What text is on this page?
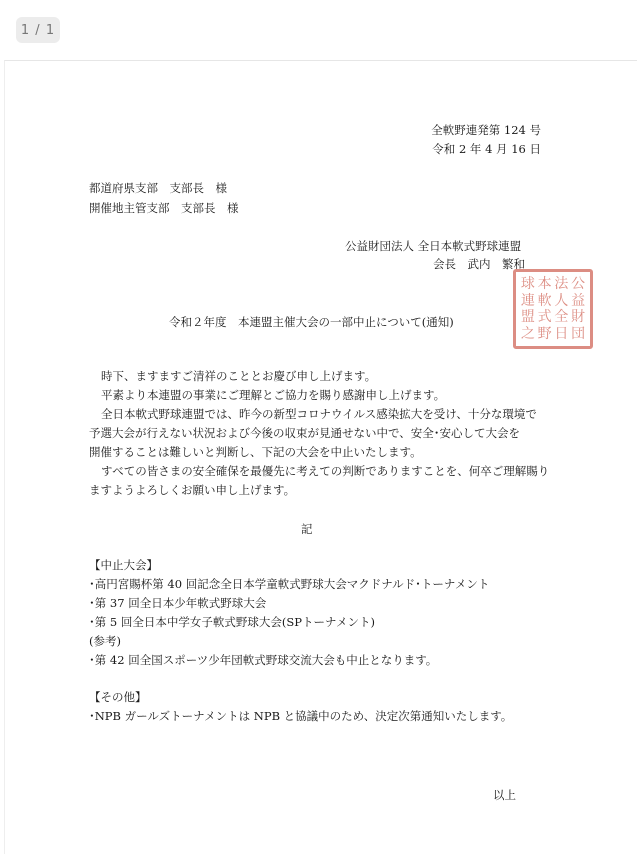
1 / 1
全軟野連発第 124 号
令和 2 年 4 月 16 日
都道府県支部　支部長　様
開催地主管支部　支部長　様
公益財団法人 全日本軟式野球連盟
会長　武内　繁和
球 本 法 公
連 軟 人 益
盟 式 全 財
之 野 日 団
令和２年度　本連盟主催大会の一部中止について(通知)
時下、ますますご清祥のこととお慶び申し上げます。
平素より本連盟の事業にご理解とご協力を賜り感謝申し上げます。
全日本軟式野球連盟では、昨今の新型コロナウイルス感染拡大を受け、十分な環境で
予選大会が行えない状況および今後の収束が見通せない中で、安全･安心して大会を
開催することは難しいと判断し、下記の大会を中止いたします。
すべての皆さまの安全確保を最優先に考えての判断でありますことを、何卒ご理解賜り
ますようよろしくお願い申し上げます。
記
【中止大会】
･高円宮賜杯第 40 回記念全日本学童軟式野球大会マクドナルド･トーナメント
･第 37 回全日本少年軟式野球大会
･第 5 回全日本中学女子軟式野球大会(SPトーナメント)
(参考)
･第 42 回全国スポーツ少年団軟式野球交流大会も中止となります。
【その他】
･NPB ガールズトーナメントは NPB と協議中のため、決定次第通知いたします。
以上
